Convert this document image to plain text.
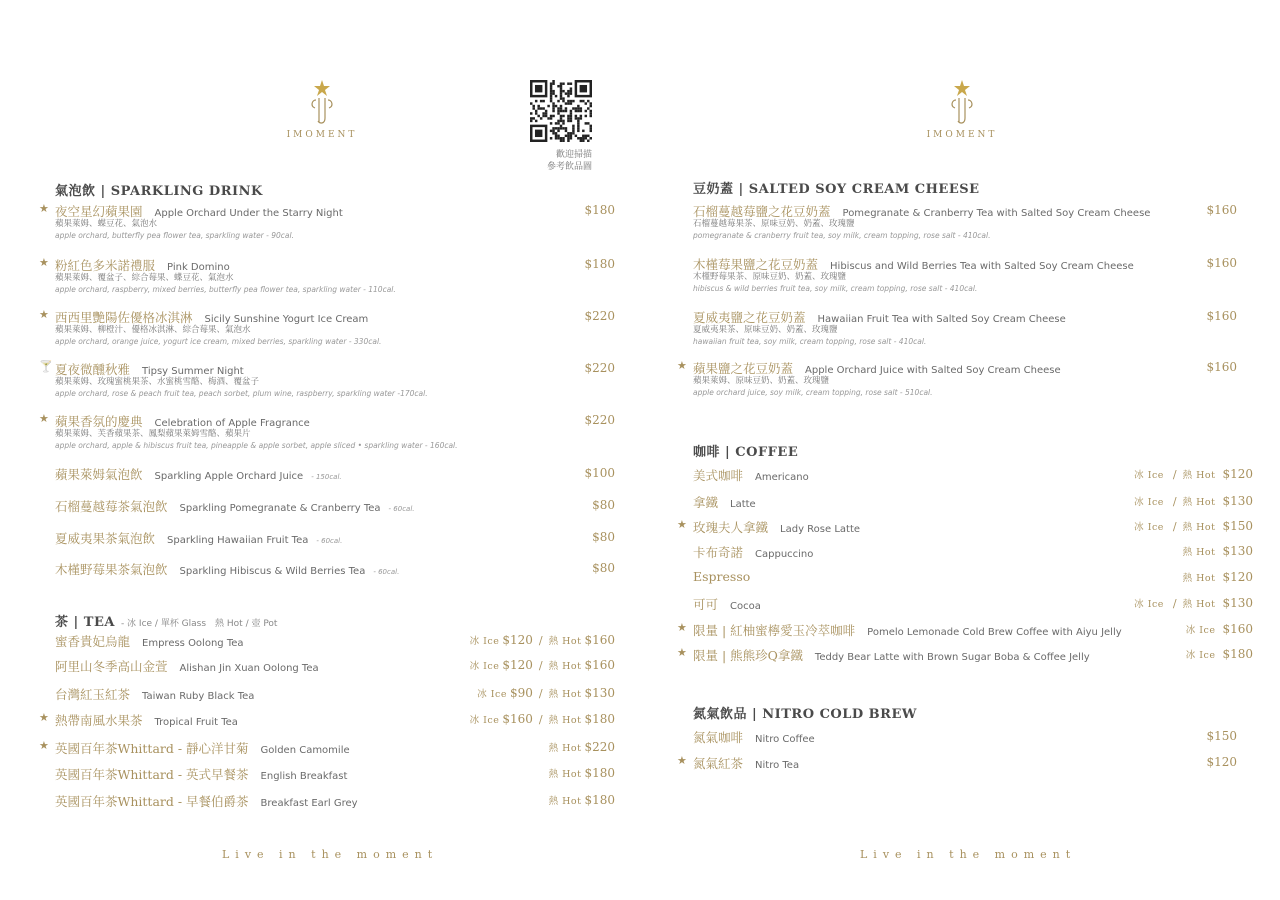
IMOMENT
歡迎掃描
參考飲品圖
氣泡飲 | SPARKLING DRINK
★ 夜空星幻蘋果園 Apple Orchard Under the Starry Night	$180
蘋果萊姆、蝶豆花、氣泡水
apple orchard, butterfly pea flower tea, sparkling water - 90cal.
★ 粉紅色多米諾禮服 Pink Domino	$180
蘋果萊姆、覆盆子、綜合莓果、蝶豆花、氣泡水
apple orchard, raspberry, mixed berries, butterfly pea flower tea, sparkling water - 110cal.
★ 西西里艷陽佐優格冰淇淋 Sicily Sunshine Yogurt Ice Cream	$220
蘋果萊姆、柳橙汁、優格冰淇淋、綜合莓果、氣泡水
apple orchard, orange juice, yogurt ice cream, mixed berries, sparkling water - 330cal.
🍸 夏夜微醺秋雅 Tipsy Summer Night	$220
蘋果萊姆、玫瑰蜜桃果茶、水蜜桃雪酪、梅酒、覆盆子
apple orchard, rose & peach fruit tea, peach sorbet, plum wine, raspberry, sparkling water -170cal.
★ 蘋果香氛的慶典 Celebration of Apple Fragrance	$220
蘋果萊姆、芙香蘋果茶、鳳梨蘋果萊姆雪酪、蘋果片
apple orchard, apple & hibiscus fruit tea, pineapple & apple sorbet, apple sliced • sparkling water - 160cal.
蘋果萊姆氣泡飲 Sparkling Apple Orchard Juice - 150cal.	$100
石榴蔓越莓茶氣泡飲 Sparkling Pomegranate & Cranberry Tea - 60cal.	$80
夏威夷果茶氣泡飲 Sparkling Hawaiian Fruit Tea - 60cal.	$80
木槿野莓果茶氣泡飲 Sparkling Hibiscus & Wild Berries Tea - 60cal.	$80
茶 | TEA - 冰 Ice / 單杯 Glass　熱 Hot / 壺 Pot
蜜香貴妃烏龍 Empress Oolong Tea	冰 Ice $120 / 熱 Hot $160
阿里山冬季高山金萱 Alishan Jin Xuan Oolong Tea	冰 Ice $120 / 熱 Hot $160
台灣紅玉紅茶 Taiwan Ruby Black Tea	冰 Ice $90 / 熱 Hot $130
★ 熱帶南風水果茶 Tropical Fruit Tea	冰 Ice $160 / 熱 Hot $180
★ 英國百年茶Whittard - 靜心洋甘菊 Golden Camomile	熱 Hot $220
英國百年茶Whittard - 英式早餐茶 English Breakfast	熱 Hot $180
英國百年茶Whittard - 早餐伯爵茶 Breakfast Earl Grey	熱 Hot $180
Live in the moment
IMOMENT
豆奶蓋 | SALTED SOY CREAM CHEESE
石榴蔓越莓鹽之花豆奶蓋 Pomegranate & Cranberry Tea with Salted Soy Cream Cheese	$160
石榴蔓越莓果茶、原味豆奶、奶蓋、玫瑰鹽
pomegranate & cranberry fruit tea, soy milk, cream topping, rose salt - 410cal.
木槿莓果鹽之花豆奶蓋 Hibiscus and Wild Berries Tea with Salted Soy Cream Cheese	$160
木槿野莓果茶、原味豆奶、奶蓋、玫瑰鹽
hibiscus & wild berries fruit tea, soy milk, cream topping, rose salt - 410cal.
夏威夷鹽之花豆奶蓋 Hawaiian Fruit Tea with Salted Soy Cream Cheese	$160
夏威夷果茶、原味豆奶、奶蓋、玫瑰鹽
hawaiian fruit tea, soy milk, cream topping, rose salt - 410cal.
★ 蘋果鹽之花豆奶蓋 Apple Orchard Juice with Salted Soy Cream Cheese	$160
蘋果萊姆、原味豆奶、奶蓋、玫瑰鹽
apple orchard juice, soy milk, cream topping, rose salt - 510cal.
咖啡 | COFFEE
美式咖啡 Americano	冰 Ice / 熱 Hot $120
拿鐵 Latte	冰 Ice / 熱 Hot $130
★ 玫瑰夫人拿鐵 Lady Rose Latte	冰 Ice / 熱 Hot $150
卡布奇諾 Cappuccino	熱 Hot $130
Espresso	熱 Hot $120
可可 Cocoa	冰 Ice / 熱 Hot $130
★ 限量 | 紅柚蜜檸愛玉冷萃咖啡 Pomelo Lemonade Cold Brew Coffee with Aiyu Jelly	冰 Ice $160
★ 限量 | 熊熊珍Q拿鐵 Teddy Bear Latte with Brown Sugar Boba & Coffee Jelly	冰 Ice $180
氮氣飲品 | NITRO COLD BREW
氮氣咖啡 Nitro Coffee	$150
★ 氮氣紅茶 Nitro Tea	$120
Live in the moment
